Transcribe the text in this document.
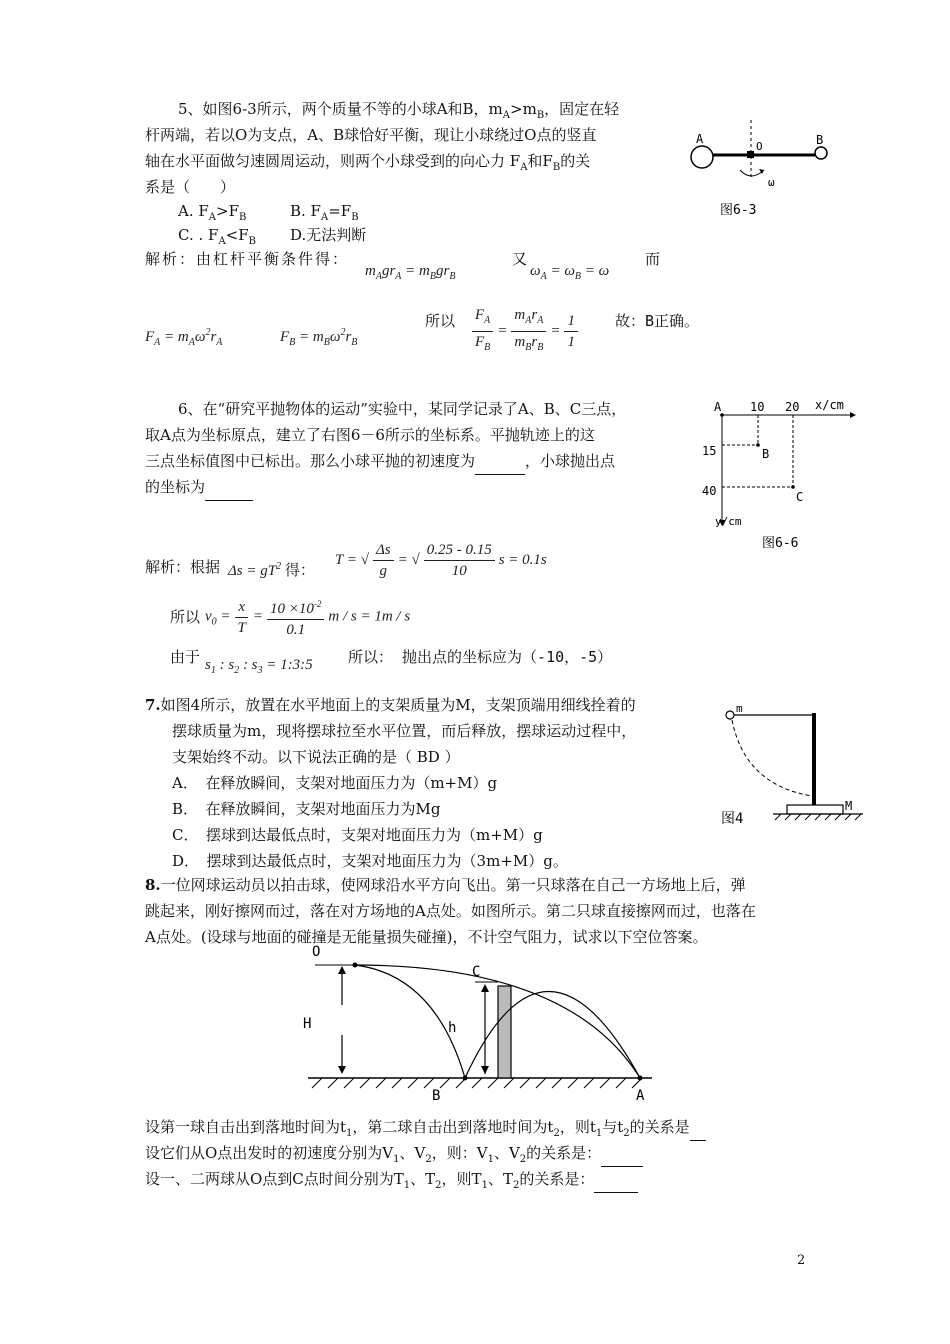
5、如图6-3所示，两个质量不等的小球A和B，$m_A>m_B$，固定在轻
杆两端，若以O为支点，A、B球恰好平衡，现让小球绕过O点的竖直
轴在水平面做匀速圆周运动，则两个小球受到的向心力 $F_A$和$F_B$的关
系是（　　）
A. $F_A>F_B$	B. $F_A=F_B$
C. . $F_A<F_B$ D.无法判断
解析：由杠杆平衡条件得：
$m_Agr_A = m_Bgr_B$
又
$\omega_A = \omega_B = \omega$
而
$F_A = m_A\omega^2r_A$	$F_B = m_B\omega^2r_B$
所以 $\frac{F_A}{F_B} = \frac{m_Ar_A}{m_Br_B} = \frac{1}{1}$ 故：B正确。
A
O	B
ω
图6-3
6、在“研究平抛物体的运动”实验中，某同学记录了A、B、C三点，
取A点为坐标原点，建立了右图6－6所示的坐标系。平抛轨迹上的这
三点坐标值图中已标出。那么小球平抛的初速度为	，小球抛出点
的坐标为
A 10 20 x/cm
15	B
40	C
y/cm
图6-6
解析：根据 $\Delta s = gT^2$ 得：
T = √ $\frac{\Delta s}{g}$ = √ $\frac{0.25 - 0.15}{10}$ s = 0.1s
所以 $v_0 = \frac{x}{T} = \frac{10 \times 10^{-2}}{0.1}$ m / s = 1m / s
由于 $s_1$ : $s_2$ : $s_3$ = 1:3:5 所以： 抛出点的坐标应为（-10，-5）
7.如图4所示，放置在水平地面上的支架质量为M，支架顶端用细线拴着的
摆球质量为m，现将摆球拉至水平位置，而后释放，摆球运动过程中，
支架始终不动。以下说法正确的是（ BD ）
A．　在释放瞬间，支架对地面压力为（m+M）g
B．　在释放瞬间，支架对地面压力为Mg
C．　摆球到达最低点时，支架对地面压力为（m+M）g
D．　摆球到达最低点时，支架对地面压力为（3m+M）g。
m
M
图4
8.一位网球运动员以拍击球，使网球沿水平方向飞出。第一只球落在自己一方场地上后，弹
跳起来，刚好擦网而过，落在对方场地的A点处。如图所示。第二只球直接擦网而过，也落在
A点处。(设球与地面的碰撞是无能量损失碰撞)，不计空气阻力，试求以下空位答案。
O
C
H	h
B	A
设第一球自击出到落地时间为$t_1$，第二球自击出到落地时间为$t_2$，则$t_1$与$t_2$的关系是
设它们从O点出发时的初速度分别为$V_1$、$V_2$，则：$V_1$、$V_2$的关系是：
设一、二两球从O点到C点时间分别为$T_1$、$T_2$，则$T_1$、$T_2$的关系是：
2
